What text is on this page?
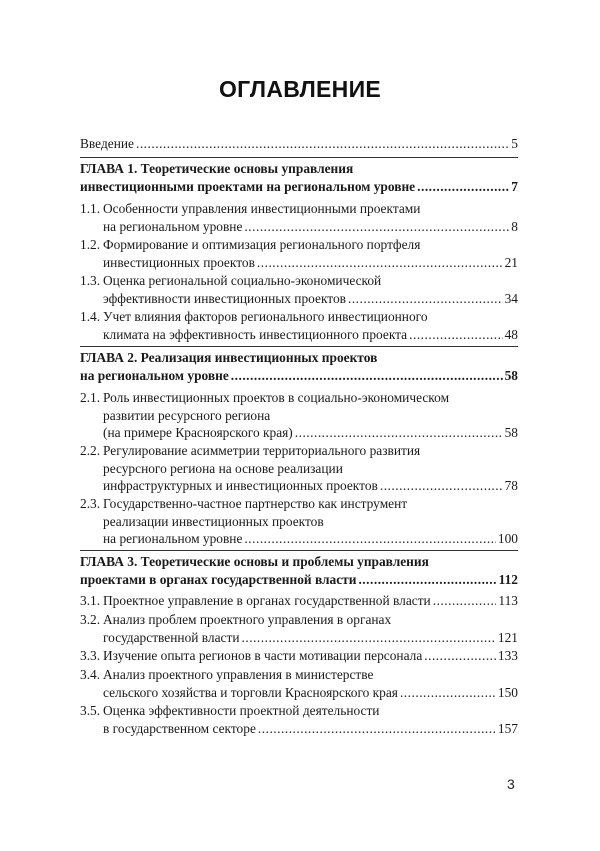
ОГЛАВЛЕНИЕ
Введение .....	5
ГЛАВА 1. Теоретические основы управления
инвестиционными проектами на региональном уровне .....	7
1.1. Особенности управления инвестиционными проектами
на региональном уровне .....	8
1.2. Формирование и оптимизация регионального портфеля
инвестиционных проектов .....	21
1.3. Оценка региональной социально-экономической
эффективности инвестиционных проектов .....	34
1.4. Учет влияния факторов регионального инвестиционного
климата на эффективность инвестиционного проекта .....	48
ГЛАВА 2. Реализация инвестиционных проектов
на региональном уровне .....	58
2.1. Роль инвестиционных проектов в социально-экономическом
развитии ресурсного региона
(на примере Красноярского края) .....	58
2.2. Регулирование асимметрии территориального развития
ресурсного региона на основе реализации
инфраструктурных и инвестиционных проектов .....	78
2.3. Государственно-частное партнерство как инструмент
реализации инвестиционных проектов
на региональном уровне .....	100
ГЛАВА 3. Теоретические основы и проблемы управления
проектами в органах государственной власти .....	112
3.1. Проектное управление в органах государственной власти .....	113
3.2. Анализ проблем проектного управления в органах
государственной власти .....	121
3.3. Изучение опыта регионов в части мотивации персонала .....	133
3.4. Анализ проектного управления в министерстве
сельского хозяйства и торговли Красноярского края .....	150
3.5. Оценка эффективности проектной деятельности
в государственном секторе .....	157
3
